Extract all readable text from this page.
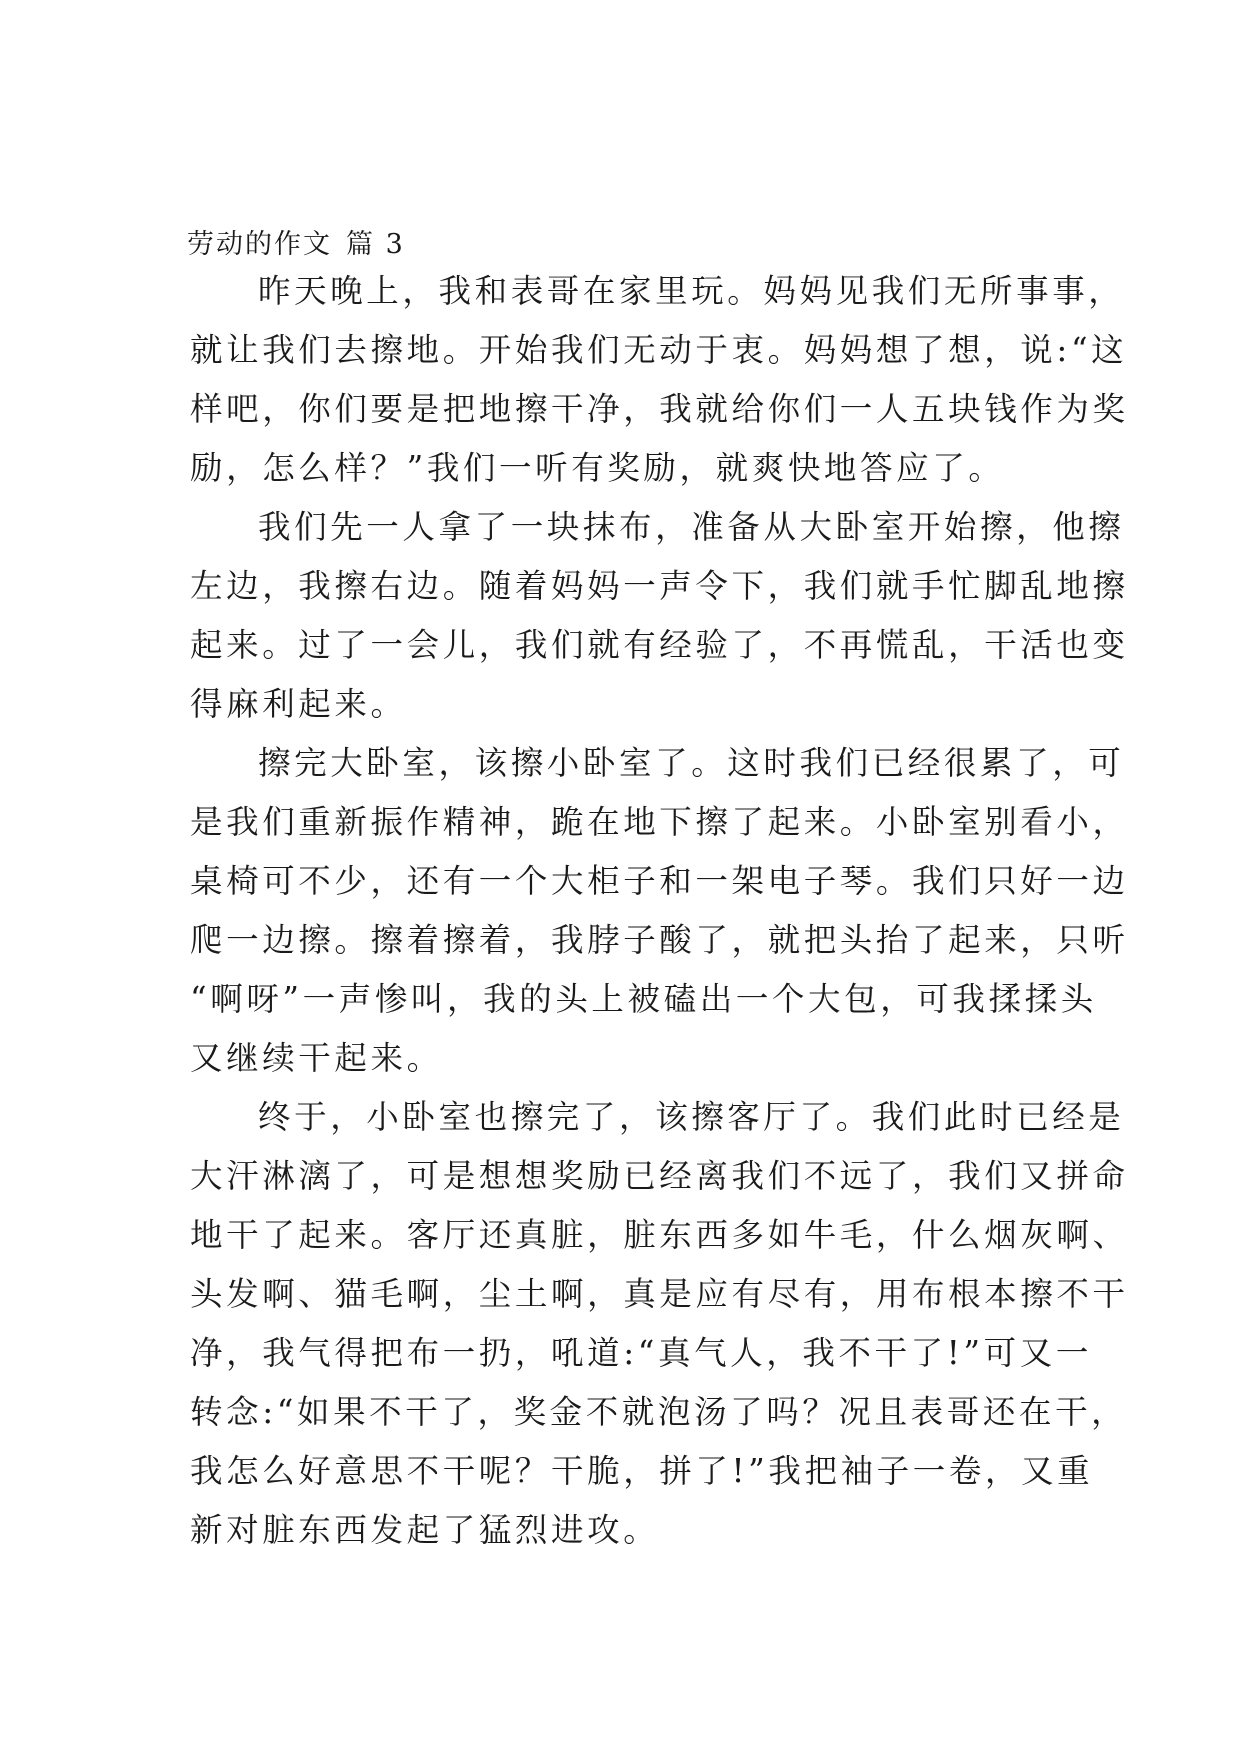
劳动的作文 篇 3
昨天晚上，我和表哥在家里玩。妈妈见我们无所事事，
就让我们去擦地。开始我们无动于衷。妈妈想了想，说:“这
样吧，你们要是把地擦干净，我就给你们一人五块钱作为奖
励，怎么样？”我们一听有奖励，就爽快地答应了。
我们先一人拿了一块抹布，准备从大卧室开始擦，他擦
左边，我擦右边。随着妈妈一声令下，我们就手忙脚乱地擦
起来。过了一会儿，我们就有经验了，不再慌乱，干活也变
得麻利起来。
擦完大卧室，该擦小卧室了。这时我们已经很累了，可
是我们重新振作精神，跪在地下擦了起来。小卧室别看小，
桌椅可不少，还有一个大柜子和一架电子琴。我们只好一边
爬一边擦。擦着擦着，我脖子酸了，就把头抬了起来，只听
“啊呀”一声惨叫，我的头上被磕出一个大包，可我揉揉头
又继续干起来。
终于，小卧室也擦完了，该擦客厅了。我们此时已经是
大汗淋漓了，可是想想奖励已经离我们不远了，我们又拼命
地干了起来。客厅还真脏，脏东西多如牛毛，什么烟灰啊、
头发啊、猫毛啊，尘土啊，真是应有尽有，用布根本擦不干
净，我气得把布一扔，吼道:“真气人，我不干了!”可又一
转念:“如果不干了，奖金不就泡汤了吗？况且表哥还在干，
我怎么好意思不干呢？干脆，拼了!”我把袖子一卷，又重
新对脏东西发起了猛烈进攻。
